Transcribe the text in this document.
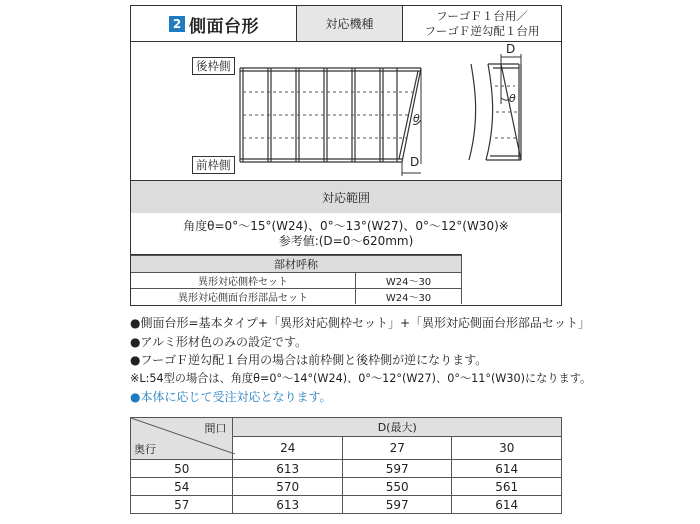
2 側面台形	対応機種
フーゴＦ１台用／
フーゴＦ逆勾配１台用
後枠側
前枠側	D
θ
D
θ
対応範囲
角度θ=0°～15°(W24)、0°～13°(W27)、0°～12°(W30)※
参考値:(D=0～620mm)
部材呼称	
異形対応側枠セット	W24～30
異形対応側面台形部品セット	W24～30
●側面台形=基本タイプ+「異形対応側枠セット」+「異形対応側面台形部品セット」
●アルミ形材色のみの設定です。
●フーゴＦ逆勾配１台用の場合は前枠側と後枠側が逆になります。
※L:54型の場合は、角度θ=0°～14°(W24)、0°～12°(W27)、0°～11°(W30)になります。
●本体に応じて受注対応となります。
間口
奥行	D(最大)		
	24	27	30
50	613	597	614
54	570	550	561
57	613	597	614
